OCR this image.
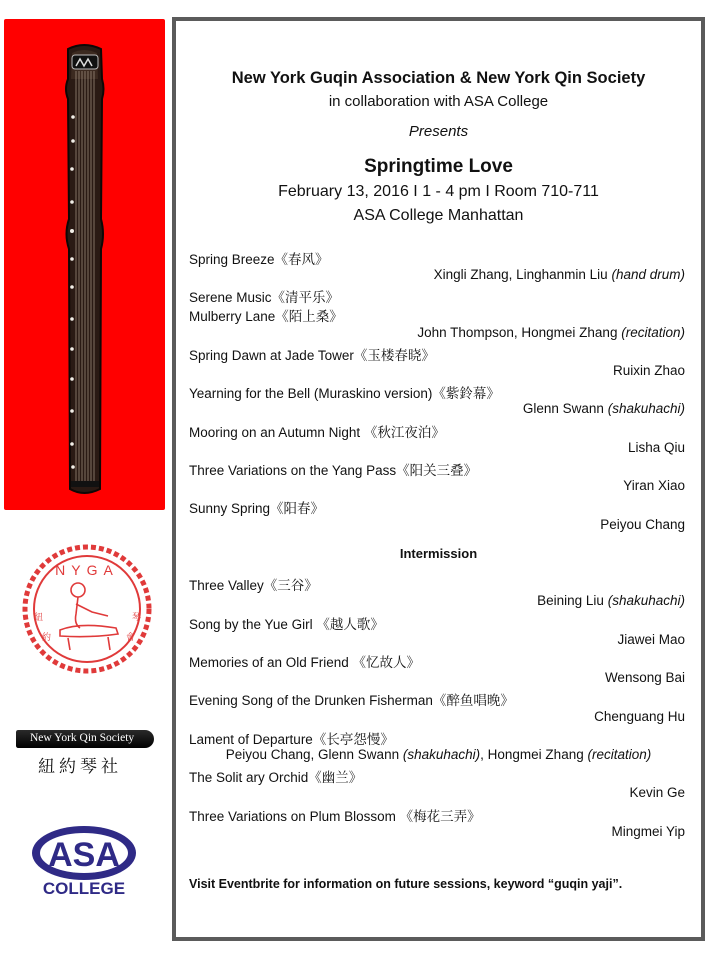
NYGA
紐
約
琴
會
New York Qin Society
紐約琴社
ASA
COLLEGE
New York Guqin Association & New York Qin Society
in collaboration with ASA College
Presents
Springtime Love
February 13, 2016 I 1 - 4 pm I Room 710-711
ASA College Manhattan
Spring Breeze《春风》
Xingli Zhang, Linghanmin Liu (hand drum)
Serene Music《清平乐》
Mulberry Lane《陌上桑》
John Thompson, Hongmei Zhang (recitation)
Spring Dawn at Jade Tower《玉楼春晓》
Ruixin Zhao
Yearning for the Bell (Muraskino version)《紫鈴幕》
Glenn Swann (shakuhachi)
Mooring on an Autumn Night 《秋江夜泊》
Lisha Qiu
Three Variations on the Yang Pass《阳关三叠》
Yiran Xiao
Sunny Spring《阳春》
Peiyou Chang
Intermission
Three Valley《三谷》
Beining Liu (shakuhachi)
Song by the Yue Girl 《越人歌》
Jiawei Mao
Memories of an Old Friend 《忆故人》
Wensong Bai
Evening Song of the Drunken Fisherman《醉鱼唱晚》
Chenguang Hu
Lament of Departure《长亭怨慢》
Peiyou Chang, Glenn Swann (shakuhachi), Hongmei Zhang (recitation)
The Solit ary Orchid《幽兰》
Kevin Ge
Three Variations on Plum Blossom 《梅花三弄》
Mingmei Yip
Visit Eventbrite for information on future sessions, keyword “guqin yaji”.
